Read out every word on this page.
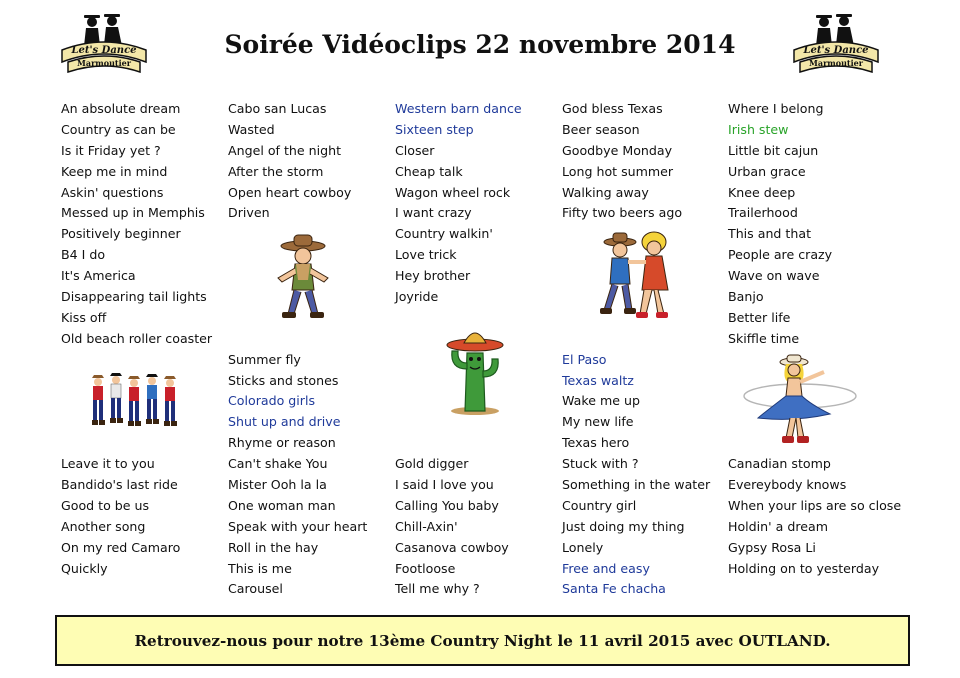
Let's Dance
Marmoutier
Soirée Vidéoclips 22 novembre 2014	Let's Dance
Marmoutier
An absolute dream
Country as can be
Is it Friday yet ?
Keep me in mind
Askin' questions
Messed up in Memphis
Positively beginner
B4 I do
It's America
Disappearing tail lights
Kiss off
Old beach roller coaster
Leave it to you
Bandido's last ride
Good to be us
Another song
On my red Camaro
Quickly
Cabo san Lucas
Wasted
Angel of the night
After the storm
Open heart cowboy
Driven
Summer fly
Sticks and stones
Colorado girls
Shut up and drive
Rhyme or reason
Can't shake You
Mister Ooh la la
One woman man
Speak with your heart
Roll in the hay
This is me
Carousel
Western barn dance
Sixteen step
Closer
Cheap talk
Wagon wheel rock
I want crazy
Country walkin'
Love trick
Hey brother
Joyride
Gold digger
I said I love you
Calling You baby
Chill-Axin'
Casanova cowboy
Footloose
Tell me why ?
God bless Texas
Beer season
Goodbye Monday
Long hot summer
Walking away
Fifty two beers ago
El Paso
Texas waltz
Wake me up
My new life
Texas hero
Stuck with ?
Something in the water
Country girl
Just doing my thing
Lonely
Free and easy
Santa Fe chacha
Where I belong
Irish stew
Little bit cajun
Urban grace
Knee deep
Trailerhood
This and that
People are crazy
Wave on wave
Banjo
Better life
Skiffle time
Canadian stomp
Evereybody knows
When your lips are so close
Holdin' a dream
Gypsy Rosa Li
Holding on to yesterday
Retrouvez-nous pour notre 13ème Country Night le 11 avril 2015 avec OUTLAND.
